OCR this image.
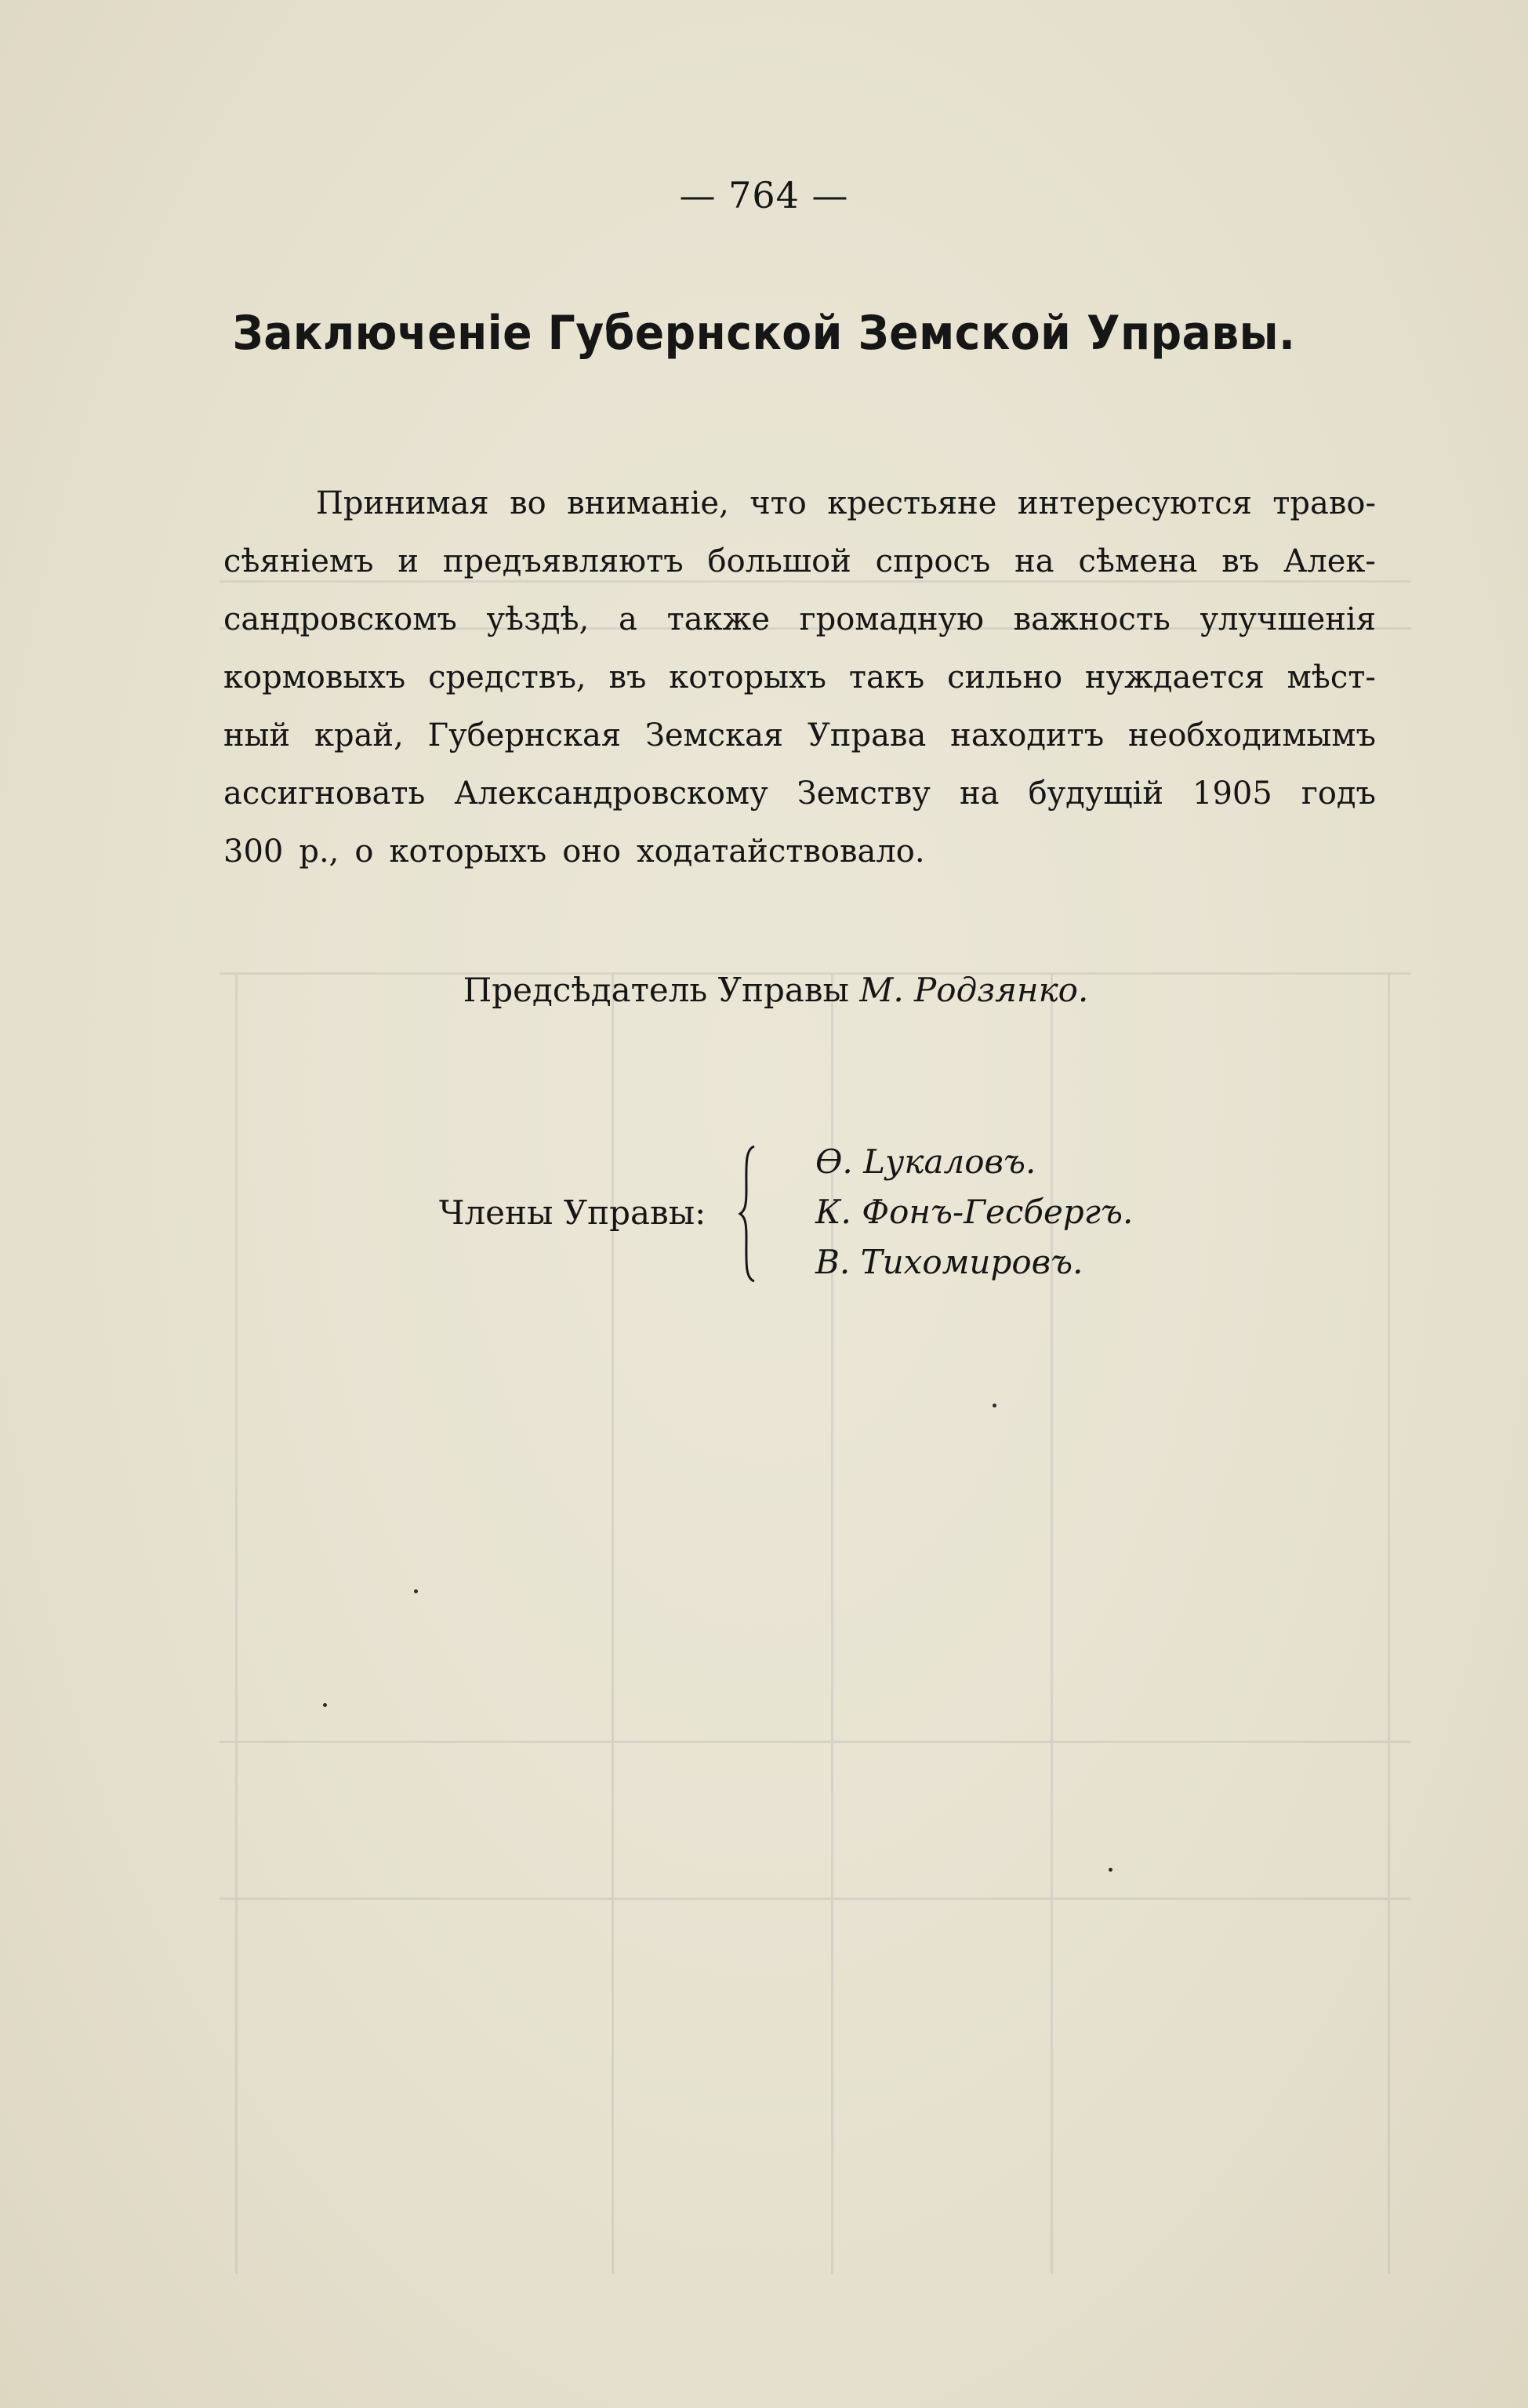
— 764 —
Заключеніе Губернской Земской Управы.
Принимая во вниманіе, что крестьяне интересуются траво-
сѣяніемъ и предъявляютъ большой спросъ на сѣмена въ Алек-
сандровскомъ уѣздѣ, а также громадную важность улучшенія
кормовыхъ средствъ, въ которыхъ такъ сильно нуждается мѣст-
ный край, Губернская Земская Управа находитъ необходимымъ
ассигновать Александровскому Земству на будущій 1905 годъ
300 р., о которыхъ оно ходатайствовало.
Предсѣдатель Управы М. Родзянко.
Члены Управы:
Ѳ. Lукаловъ.
К. Фонъ-Гесбергъ.
В. Тихомировъ.
